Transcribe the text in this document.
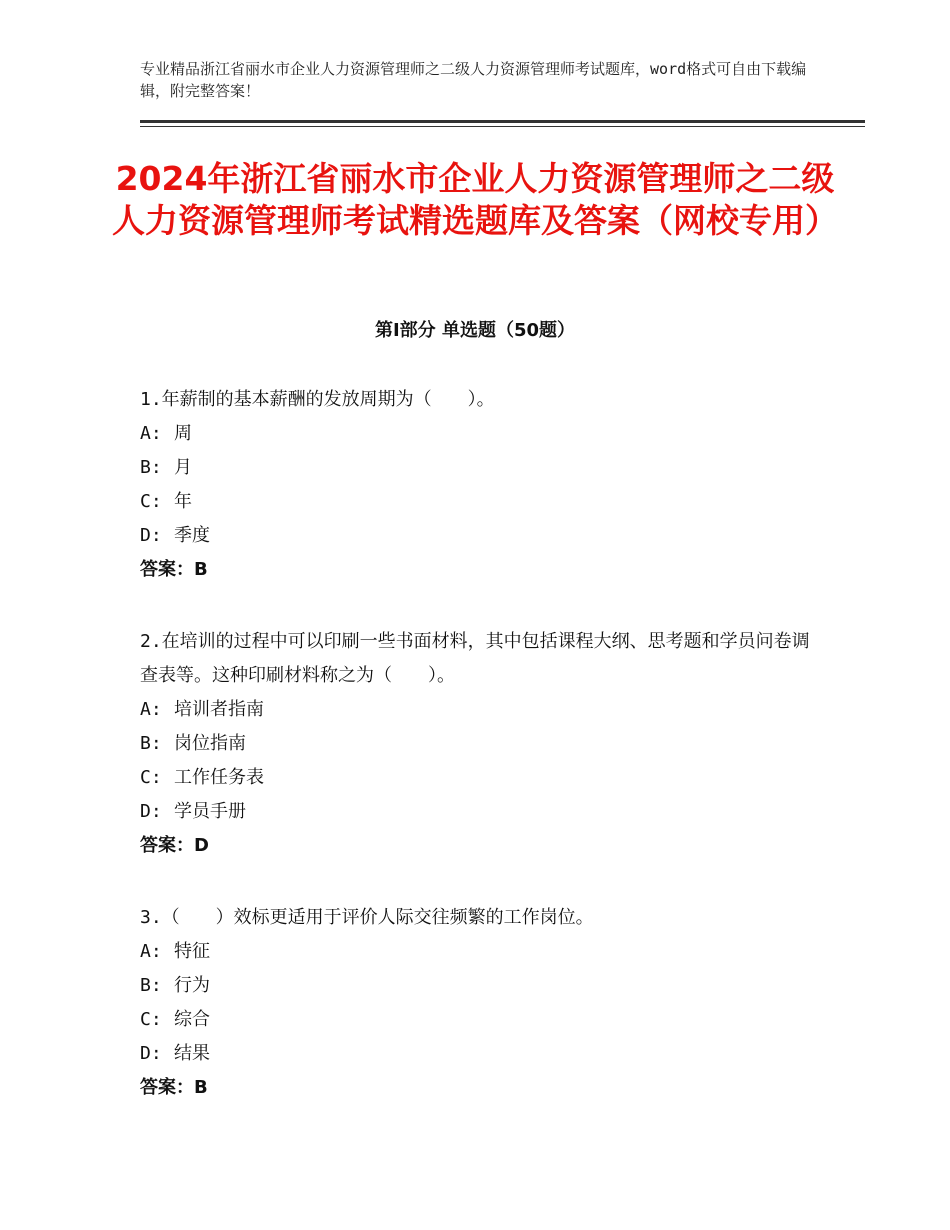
专业精品浙江省丽水市企业人力资源管理师之二级人力资源管理师考试题库，word格式可自由下载编辑，附完整答案！
2024年浙江省丽水市企业人力资源管理师之二级人力资源管理师考试精选题库及答案（网校专用）
第Ⅰ部分 单选题（50题）
1.年薪制的基本薪酬的发放周期为（　　）。
A: 周
B: 月
C: 年
D: 季度
答案：B
2.在培训的过程中可以印刷一些书面材料，其中包括课程大纲、思考题和学员问卷调查表等。这种印刷材料称之为（　　）。
A: 培训者指南
B: 岗位指南
C: 工作任务表
D: 学员手册
答案：D
3.（　　）效标更适用于评价人际交往频繁的工作岗位。
A: 特征
B: 行为
C: 综合
D: 结果
答案：B
